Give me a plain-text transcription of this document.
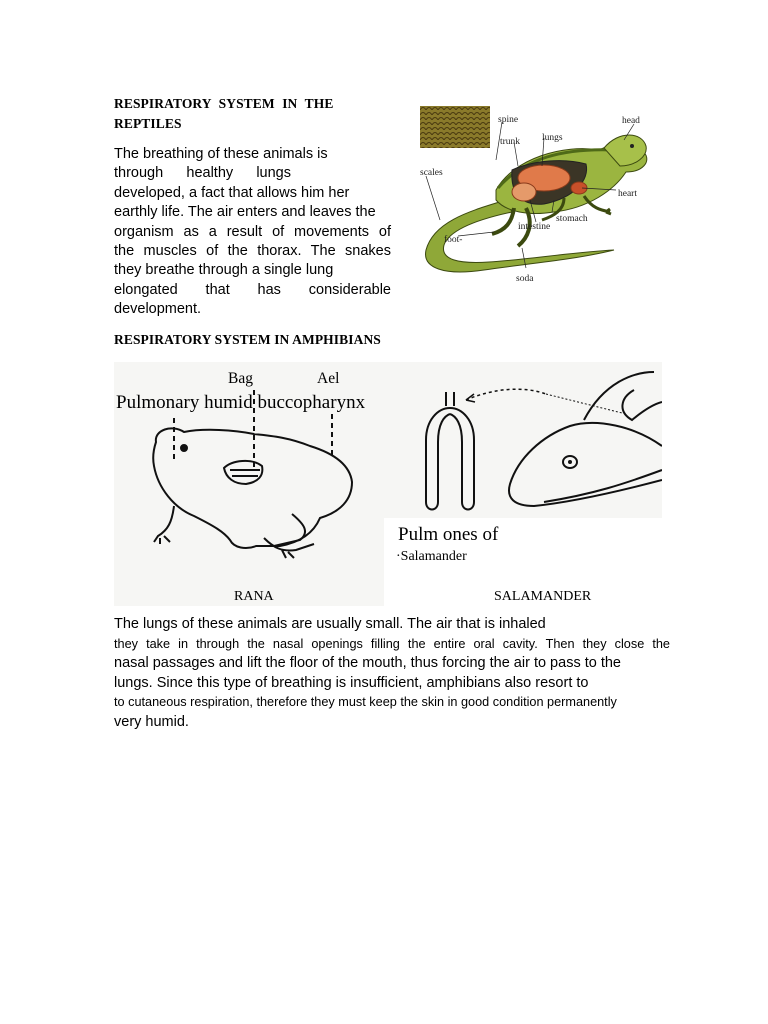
RESPIRATORY SYSTEM IN THE
REPTILES
The breathing of these animals is
through healthy lungs
developed, a fact that allows him her
earthly life. The air enters and leaves the
organism as a result of movements of
the muscles of the thorax. The snakes
they breathe through a single lung
elongated that has considerable
development.
spine	head
trunk lungs
scales
heart
stomach
intestine
foot-
soda
RESPIRATORY SYSTEM IN AMPHIBIANS
Bag	Ael
Pulmonary humid buccopharynx
Pulm ones of
·Salamander
RANA	SALAMANDER
The lungs of these animals are usually small. The air that is inhaled
they take in through the nasal openings filling the entire oral cavity. Then they close the
nasal passages and lift the floor of the mouth, thus forcing the air to pass to the
lungs. Since this type of breathing is insufficient, amphibians also resort to
to cutaneous respiration, therefore they must keep the skin in good condition permanently
very humid.
